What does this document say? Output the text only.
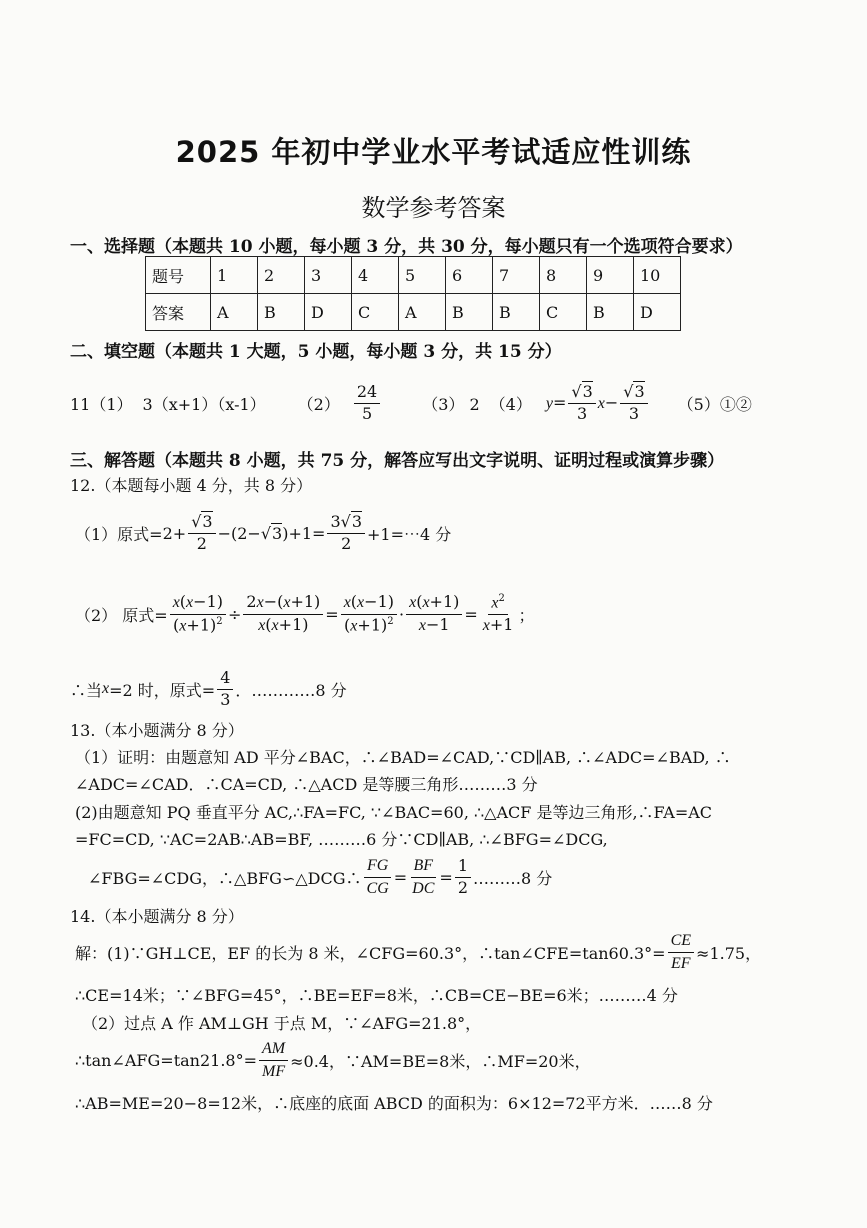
2025 年初中学业水平考试适应性训练
数学参考答案
一、选择题（本题共 10 小题，每小题 3 分，共 30 分，每小题只有一个选项符合要求）
题号	1	2	3	4	5	6	7	8	9	10
答案	A	B	D	C	A	B	B	C	B	D
二、填空题（本题共 1 大题，5 小题，每小题 3 分，共 15 分）
11（1） 3（x+1）（x-1） $(2) \frac{24}{5}$	（3） 2 （4） $y= \frac{√3}{3} x- \frac{√3}{3}$ （5）①②
三、解答题（本题共 8 小题，共 75 分，解答应写出文字说明、证明过程或演算步骤）
12.（本题每小题 4 分，共 8 分）
（1）原式= $2+ \frac{√3}{2} -(2-√$ 3 )$+1= \frac{3√3}{2}$ +1=⋯4 分
（2） 原式= $\frac{x(x-1)}{(x+1)^2} \div \frac{2x-(x+1)}{x(x+1)} = \frac{x(x-1)}{(x+1)^2} \cdot \frac{x(x+1)}{x-1} = \frac{x^2}{x+1}$ ；
∴当 x =2 时，原式= $\frac{4}{3}$ ．…………8 分
13.（本小题满分 8 分）
（1）证明：由题意知 AD 平分∠BAC，∴∠BAD=∠CAD,∵CD∥AB, ∴∠ADC=∠BAD, ∴
∠ADC=∠CAD．∴CA=CD, ∴△ACD 是等腰三角形………3 分
(2)由题意知 PQ 垂直平分 AC,∴FA=FC, ∵∠BAC=60, ∴△ACF 是等边三角形,∴FA=AC
=FC=CD, ∵AC=2AB∴AB=BF, ………6 分∵CD∥AB, ∴∠BFG=∠DCG,
∠FBG=∠CDG，∴△BFG∽△DCG∴ $\frac{FG}{CG} = \frac{BF}{DC} = \frac{1}{2}$ ………8 分
14.（本小题满分 8 分）
解：(1)∵GH⊥CE，EF 的长为 8 米，∠CFG=60.3°，∴tan∠CFE=tan60.3°= $\frac{CE}{EF} \approx 1.75$，
∴CE=14米；∵∠BFG=45°，∴BE=EF=8米，∴CB=CE−BE=6米；………4 分
（2）过点 A 作 AM⊥GH 于点 M，∵∠AFG=21.8°，
∴tan∠AFG=tan21.8°= $\frac{AM}{MF} \approx 0.4$，∵AM=BE=8米，∴MF=20米，
∴AB=ME=20−8=12米，∴底座的底面 ABCD 的面积为：6×12=72平方米．……8 分
